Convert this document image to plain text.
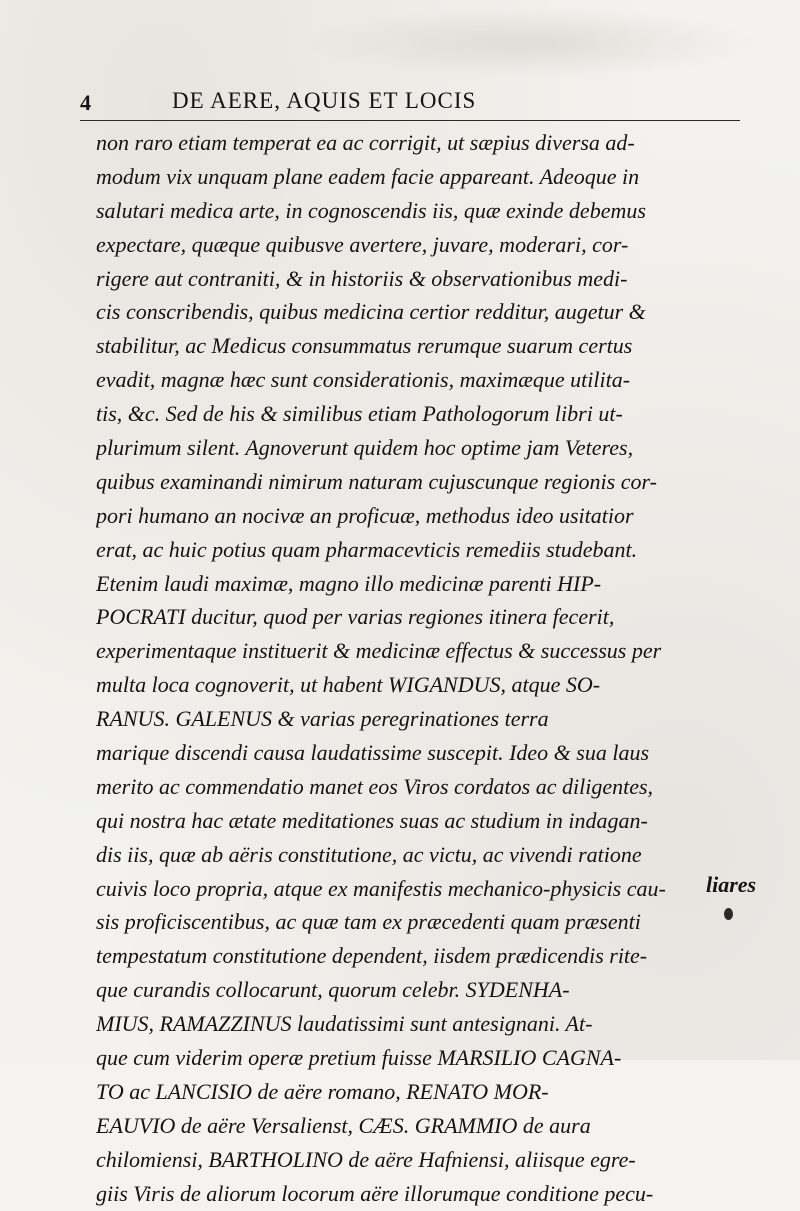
4	DE AERE, AQUIS ET LOCIS
non raro etiam temperat ea ac corrigit, ut sæpius diversa ad-
modum vix unquam plane eadem facie appareant. Adeoque in
salutari medica arte, in cognoscendis iis, quæ exinde debemus
expectare, quæque quibusve avertere, juvare, moderari, cor-
rigere aut contraniti, & in historiis & observationibus medi-
cis conscribendis, quibus medicina certior redditur, augetur &
stabilitur, ac Medicus consummatus rerumque suarum certus
evadit, magnæ hæc sunt considerationis, maximæque utilita-
tis, &c. Sed de his & similibus etiam Pathologorum libri ut-
plurimum silent. Agnoverunt quidem hoc optime jam Veteres,
quibus examinandi nimirum naturam cujuscunque regionis cor-
pori humano an nocivæ an proficuæ, methodus ideo usitatior
erat, ac huic potius quam pharmacevticis remediis studebant.
Etenim laudi maximæ, magno illo medicinæ parenti HIP-
POCRATI ducitur, quod per varias regiones itinera fecerit,
experimentaque instituerit & medicinæ effectus & successus per
multa loca cognoverit, ut habent WIGANDUS, atque SO-
RANUS. GALENUS & varias peregrinationes terra
marique discendi causa laudatissime suscepit. Ideo & sua laus
merito ac commendatio manet eos Viros cordatos ac diligentes,
qui nostra hac ætate meditationes suas ac studium in indagan-
dis iis, quæ ab aëris constitutione, ac victu, ac vivendi ratione
cuivis loco propria, atque ex manifestis mechanico-physicis cau-
sis proficiscentibus, ac quæ tam ex præcedenti quam præsenti
tempestatum constitutione dependent, iisdem prædicendis rite-
que curandis collocarunt, quorum celebr. SYDENHA-
MIUS, RAMAZZINUS laudatissimi sunt antesignani. At-
que cum viderim operæ pretium fuisse MARSILIO CAGNA-
TO ac LANCISIO de aëre romano, RENATO MOR-
EAUVIO de aëre Versalienst, CÆS. GRAMMIO de aura
chilomiensi, BARTHOLINO de aëre Hafniensi, aliisque egre-
giis Viris de aliorum locorum aëre illorumque conditione pecu-
liares
